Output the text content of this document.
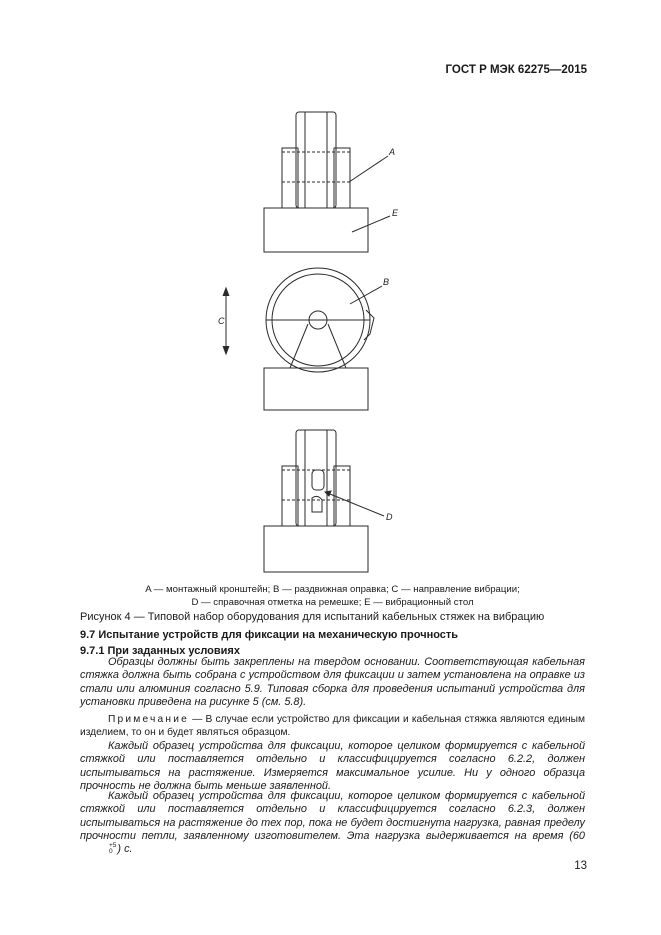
ГОСТ Р МЭК 62275—2015
A
E
B
C
D
A — монтажный кронштейн; B — раздвижная оправка; C — направление вибрации;
D — справочная отметка на ремешке; E — вибрационный стол
Рисунок 4 — Типовой набор оборудования для испытаний кабельных стяжек на вибрацию
9.7 Испытание устройств для фиксации на механическую прочность
9.7.1 При заданных условиях
Образцы должны быть закреплены на твердом основании. Соответствующая кабельная стяжка должна быть собрана с устройством для фиксации и затем установлена на оправке из стали или алюминия согласно 5.9. Типовая сборка для проведения испытаний устройства для установки приведена на рисунке 5 (см. 5.8).
Примечание — В случае если устройство для фиксации и кабельная стяжка являются единым изделием, то он и будет являться образцом.
Каждый образец устройства для фиксации, которое целиком формируется с кабельной стяжкой или поставляется отдельно и классифицируется согласно 6.2.2, должен испытываться на растяжение. Измеряется максимальное усилие. Ни у одного образца прочность не должна быть меньше заявленной.
Каждый образец устройства для фиксации, которое целиком формируется с кабельной стяжкой или поставляется отдельно и классифицируется согласно 6.2.3, должен испытываться на растяжение до тех пор, пока не будет достигнута нагрузка, равная пределу прочности петли, заявленному изготовителем. Эта нагрузка выдерживается на время (60
+5
0 ) с.
13
